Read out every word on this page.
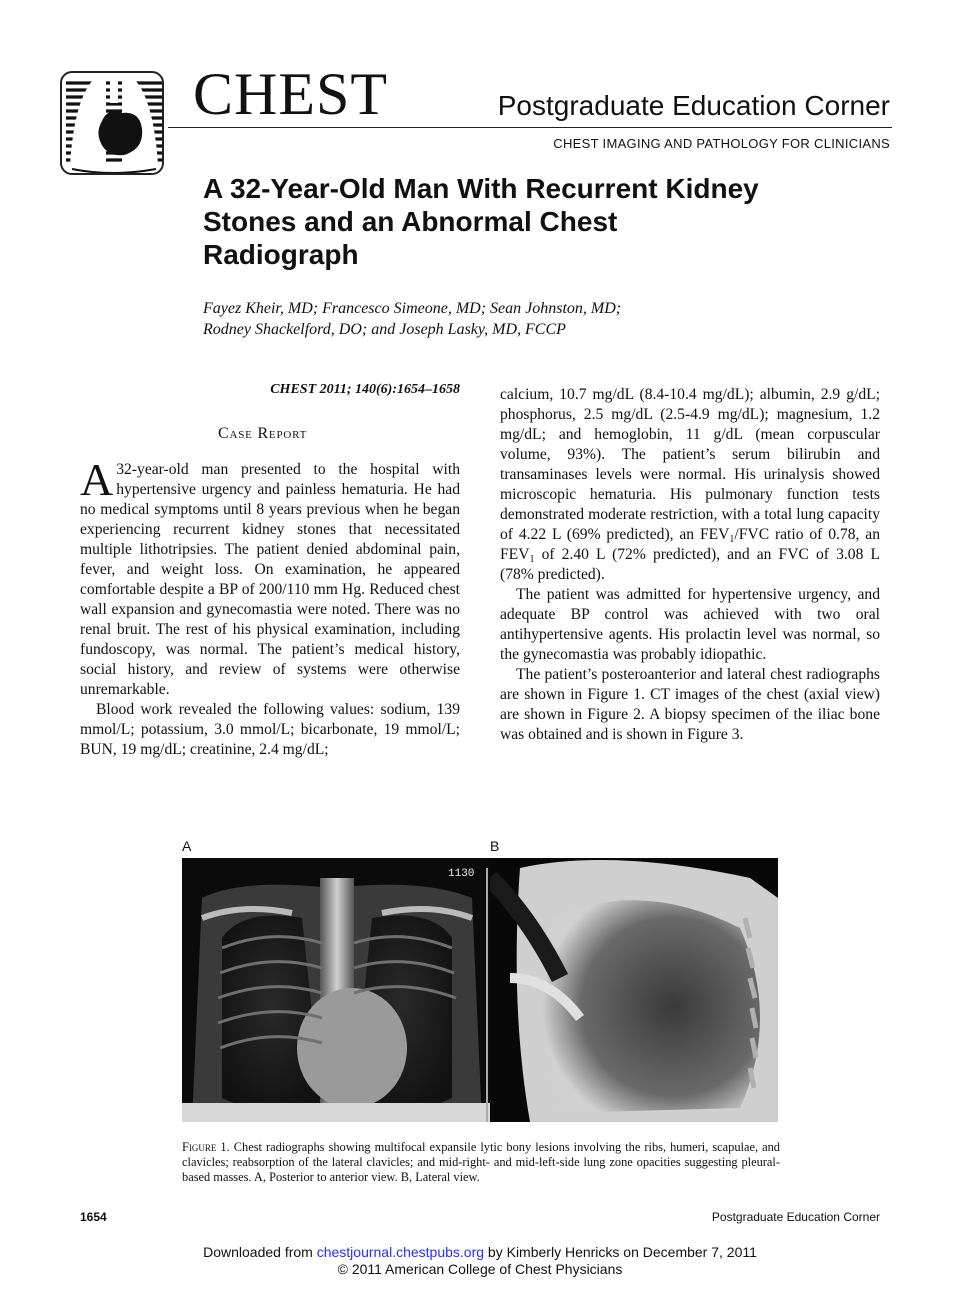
CHEST	Postgraduate Education Corner
CHEST IMAGING AND PATHOLOGY FOR CLINICIANS
A 32-Year-Old Man With Recurrent Kidney Stones and an Abnormal Chest Radiograph
Fayez Kheir, MD; Francesco Simeone, MD; Sean Johnston, MD;
Rodney Shackelford, DO; and Joseph Lasky, MD, FCCP

CHEST 2011; 140(6):1654–1658

Case Report

A 32-year-old man presented to the hospital with hypertensive urgency and painless hematuria. He had no medical symptoms until 8 years previous when he began experiencing recurrent kidney stones that necessitated multiple lithotripsies. The patient denied abdominal pain, fever, and weight loss. On examination, he appeared comfortable despite a BP of 200/110 mm Hg. Reduced chest wall expansion and gynecomastia were noted. There was no renal bruit. The rest of his physical examination, including fundoscopy, was normal. The patient’s medical history, social history, and review of systems were otherwise unremarkable.

Blood work revealed the following values: sodium, 139 mmol/L; potassium, 3.0 mmol/L; bicarbonate, 19 mmol/L; BUN, 19 mg/dL; creatinine, 2.4 mg/dL;

calcium, 10.7 mg/dL (8.4-10.4 mg/dL); albumin, 2.9 g/dL; phosphorus, 2.5 mg/dL (2.5-4.9 mg/dL); magnesium, 1.2 mg/dL; and hemoglobin, 11 g/dL (mean corpuscular volume, 93%). The patient’s serum bilirubin and transaminases levels were normal. His urinalysis showed microscopic hematuria. His pulmonary function tests demonstrated moderate restriction, with a total lung capacity of 4.22 L (69% predicted), an $FEV_1$/FVC ratio of 0.78, an $FEV_1$ of 2.40 L (72% predicted), and an FVC of 3.08 L (78% predicted).

The patient was admitted for hypertensive urgency, and adequate BP control was achieved with two oral antihypertensive agents. His prolactin level was normal, so the gynecomastia was probably idiopathic.

The patient’s posteroanterior and lateral chest radiographs are shown in Figure 1. CT images of the chest (axial view) are shown in Figure 2. A biopsy specimen of the iliac bone was obtained and is shown in Figure 3.

A	B
1130
Figure 1. Chest radiographs showing multifocal expansile lytic bony lesions involving the ribs, humeri, scapulae, and clavicles; reabsorption of the lateral clavicles; and mid-right- and mid-left-side lung zone opacities suggesting pleural-based masses. A, Posterior to anterior view. B, Lateral view.
1654	Postgraduate Education Corner
Downloaded from chestjournal.chestpubs.org by Kimberly Henricks on December 7, 2011
© 2011 American College of Chest Physicians
